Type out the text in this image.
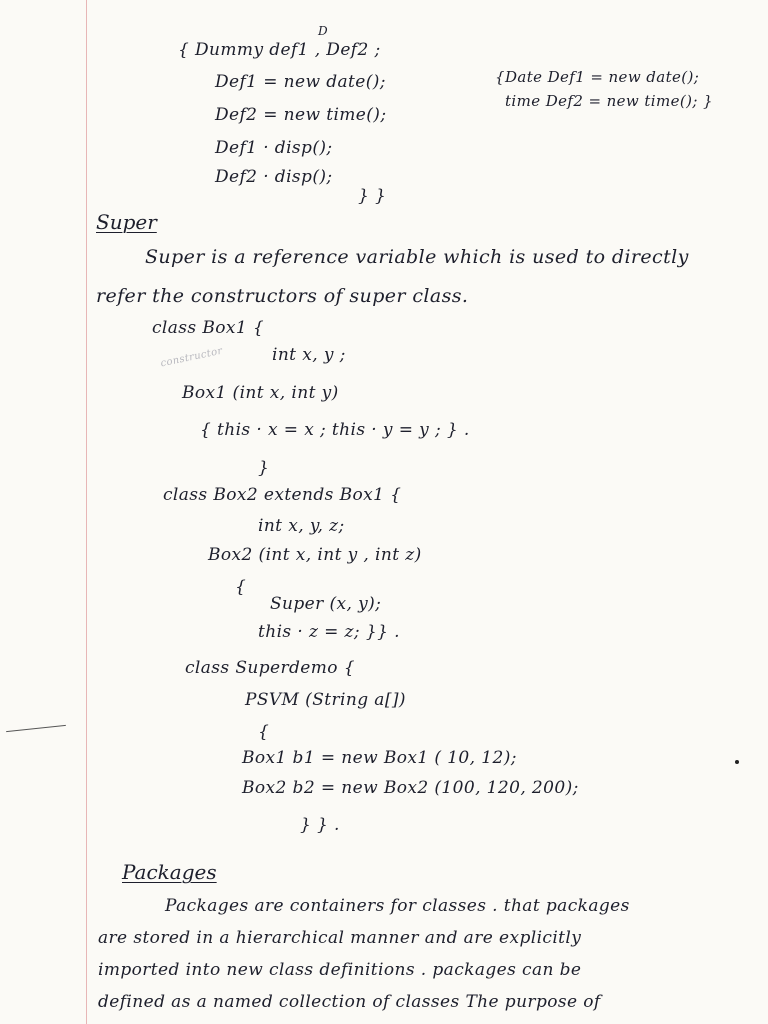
{ Dummy def1 , Def2 ;
D
Def1 = new date();
Def2 = new time();
Def1 · disp();
Def2 · disp();
} }
{Date Def1 = new date();
time Def2 = new time(); }
Super
Super is a reference variable which is used to directly
refer the constructors of super class.
class Box1 {
constructor	int x, y ;
Box1 (int x, int y)
{ this · x = x ; this · y = y ; } .
}
class Box2 extends Box1 {
int x, y, z;
Box2 (int x, int y , int z)
{
Super (x, y);
this · z = z; }} .
class Superdemo {
PSVM (String a[])
{
Box1 b1 = new Box1 ( 10, 12);
Box2 b2 = new Box2 (100, 120, 200);
} } .
Packages
Packages are containers for classes . that packages
are stored in a hierarchical manner and are explicitly
imported into new class definitions . packages can be
defined as a named collection of classes The purpose of
